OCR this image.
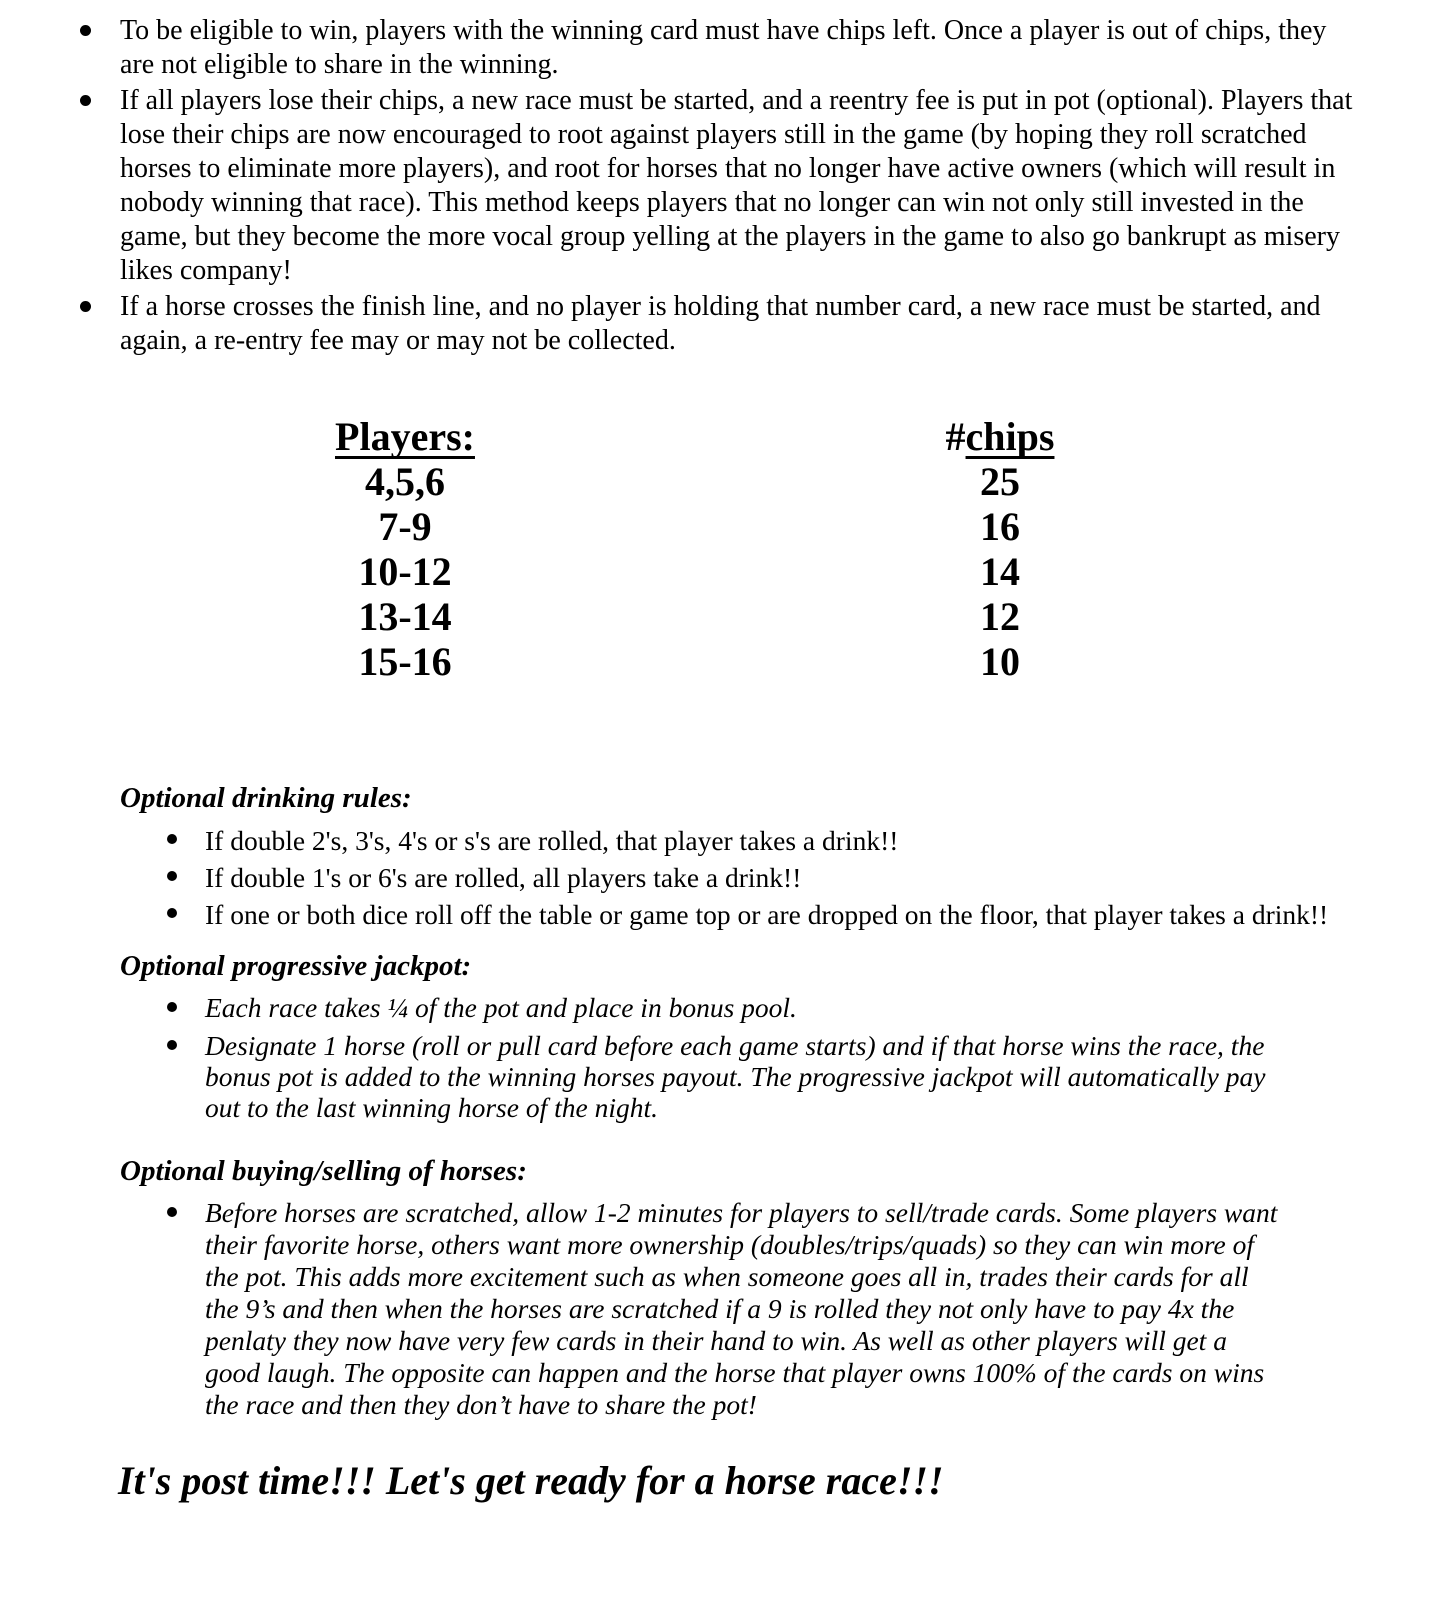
To be eligible to win, players with the winning card must have chips left. Once a player is out of chips, they are not eligible to share in the winning.
If all players lose their chips, a new race must be started, and a reentry fee is put in pot (optional). Players that lose their chips are now encouraged to root against players still in the game (by hoping they roll scratched horses to eliminate more players), and root for horses that no longer have active owners (which will result in nobody winning that race). This method keeps players that no longer can win not only still invested in the game, but they become the more vocal group yelling at the players in the game to also go bankrupt as misery likes company!
If a horse crosses the finish line, and no player is holding that number card, a new race must be started, and again, a re-entry fee may or may not be collected.
Players:
4,5,6
7-9
10-12
13-14
15-16
#chips
25
16
14
12
10
Optional drinking rules:
If double 2's, 3's, 4's or s's are rolled, that player takes a drink!!
If double 1's or 6's are rolled, all players take a drink!!
If one or both dice roll off the table or game top or are dropped on the floor, that player takes a drink!!
Optional progressive jackpot:
Each race takes ¼ of the pot and place in bonus pool.
Designate 1 horse (roll or pull card before each game starts) and if that horse wins the race, the bonus pot is added to the winning horses payout. The progressive jackpot will automatically pay out to the last winning horse of the night.
Optional buying/selling of horses:
Before horses are scratched, allow 1-2 minutes for players to sell/trade cards. Some players want their favorite horse, others want more ownership (doubles/trips/quads) so they can win more of the pot. This adds more excitement such as when someone goes all in, trades their cards for all the 9’s and then when the horses are scratched if a 9 is rolled they not only have to pay 4x the penlaty they now have very few cards in their hand to win. As well as other players will get a good laugh. The opposite can happen and the horse that player owns 100% of the cards on wins the race and then they don’t have to share the pot!
It's post time!!! Let's get ready for a horse race!!!
